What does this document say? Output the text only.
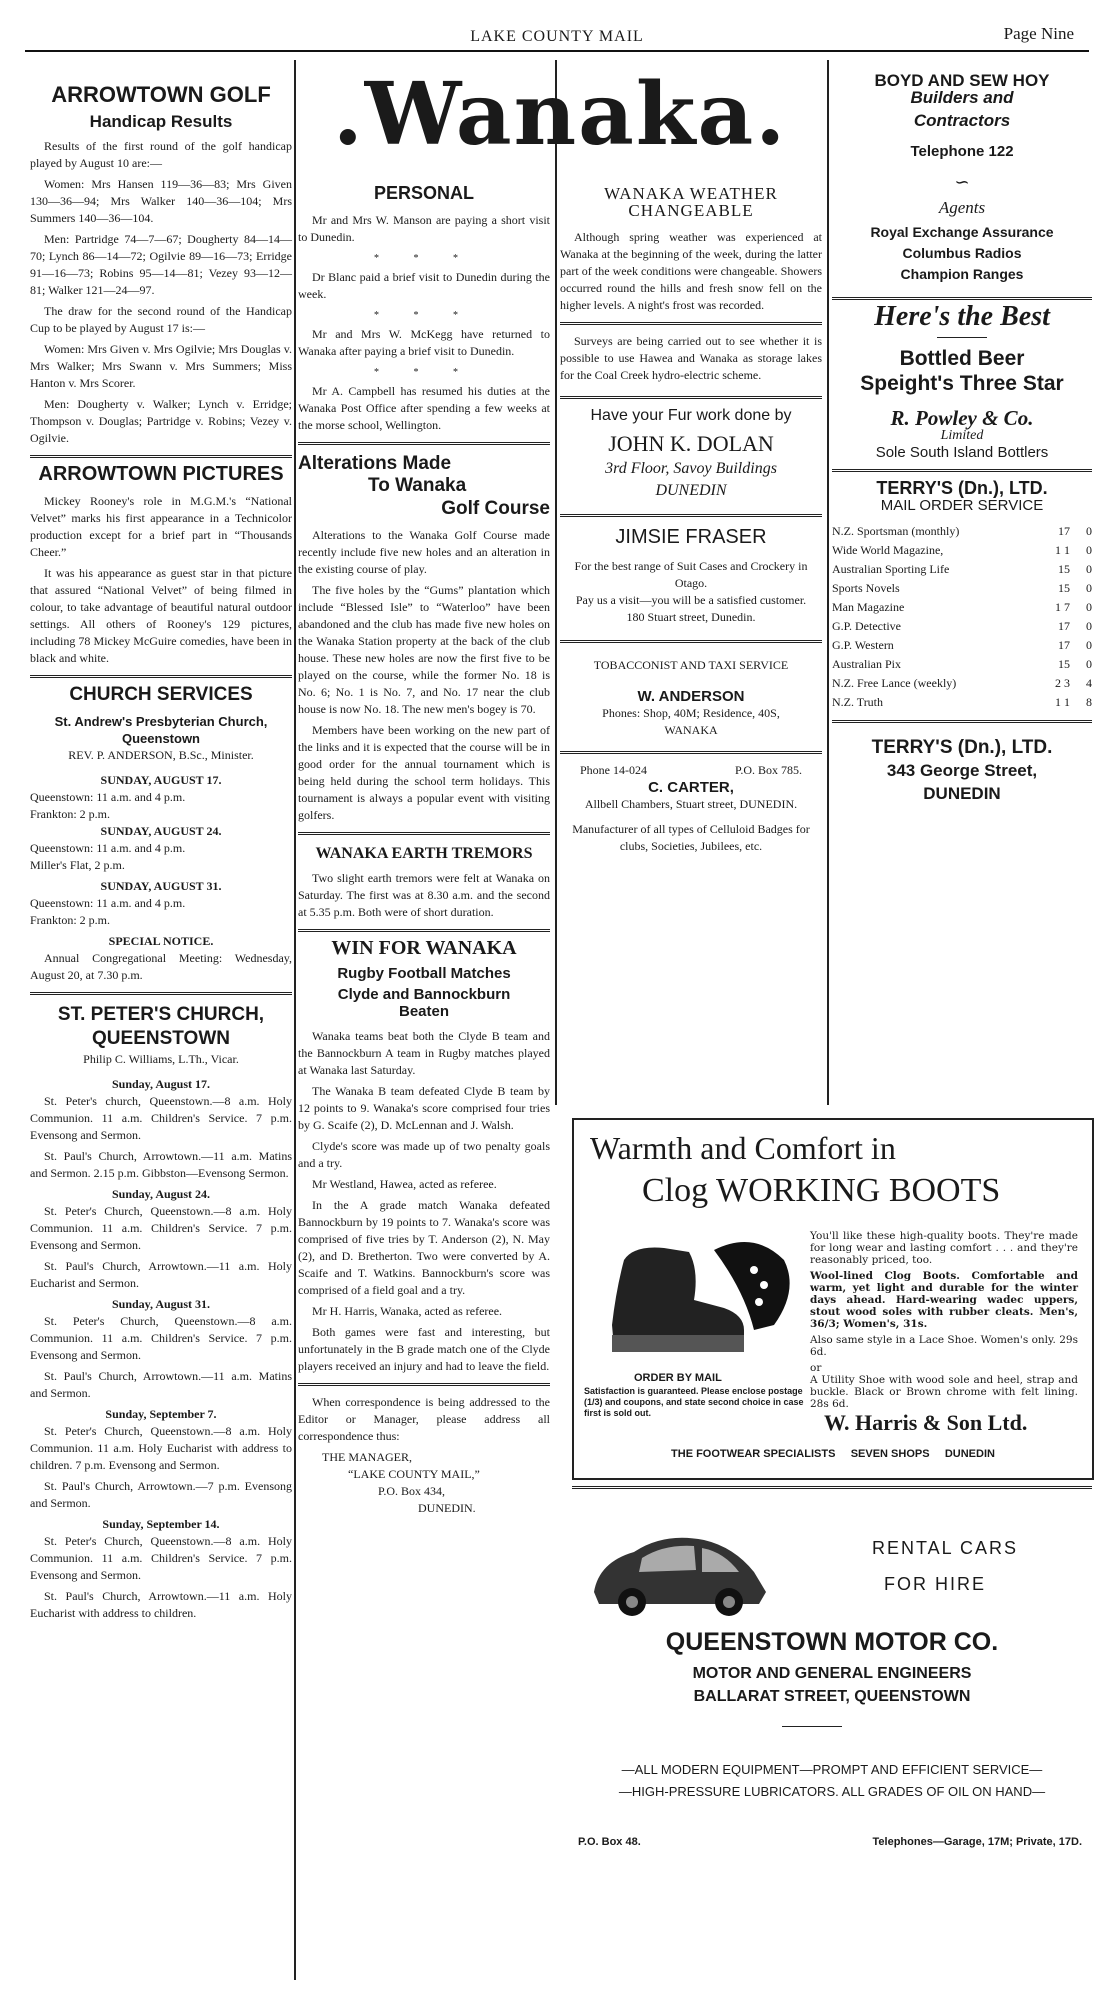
LAKE COUNTY MAIL	Page Nine
ARROWTOWN GOLF
Handicap Results

Results of the first round of the golf handicap played by August 10 are:—

Women: Mrs Hansen 119—36—83; Mrs Given 130—36—94; Mrs Walker 140—36—104; Mrs Summers 140—36—104.

Men: Partridge 74—7—67; Dougherty 84—14—70; Lynch 86—14—72; Ogilvie 89—16—73; Erridge 91—16—73; Robins 95—14—81; Vezey 93—12—81; Walker 121—24—97.

The draw for the second round of the Handicap Cup to be played by August 17 is:—

Women: Mrs Given v. Mrs Ogilvie; Mrs Douglas v. Mrs Walker; Mrs Swann v. Mrs Summers; Miss Hanton v. Mrs Scorer.

Men: Dougherty v. Walker; Lynch v. Erridge; Thompson v. Douglas; Partridge v. Robins; Vezey v. Ogilvie.

ARROWTOWN PICTURES

Mickey Rooney's role in M.G.M.'s “National Velvet” marks his first appearance in a Technicolor production except for a brief part in “Thousands Cheer.”

It was his appearance as guest star in that picture that assured “National Velvet” of being filmed in colour, to take advantage of beautiful natural outdoor settings. All others of Rooney's 129 pictures, including 78 Mickey McGuire comedies, have been in black and white.

CHURCH SERVICES
St. Andrew's Presbyterian Church, Queenstown
REV. P. ANDERSON, B.Sc., Minister.
SUNDAY, AUGUST 17.
Queenstown: 11 a.m. and 4 p.m.
Frankton: 2 p.m.
SUNDAY, AUGUST 24.
Queenstown: 11 a.m. and 4 p.m.
Miller's Flat, 2 p.m.
SUNDAY, AUGUST 31.
Queenstown: 11 a.m. and 4 p.m.
Frankton: 2 p.m.
SPECIAL NOTICE.

Annual Congregational Meeting: Wednesday, August 20, at 7.30 p.m.

ST. PETER'S CHURCH,
QUEENSTOWN
Philip C. Williams, L.Th., Vicar.
Sunday, August 17.

St. Peter's church, Queenstown.—8 a.m. Holy Communion. 11 a.m. Children's Service. 7 p.m. Evensong and Sermon.

St. Paul's Church, Arrowtown.—11 a.m. Matins and Sermon. 2.15 p.m. Gibbston—Evensong Sermon.

Sunday, August 24.

St. Peter's Church, Queenstown.—8 a.m. Holy Communion. 11 a.m. Children's Service. 7 p.m. Evensong and Sermon.

St. Paul's Church, Arrowtown.—11 a.m. Holy Eucharist and Sermon.

Sunday, August 31.

St. Peter's Church, Queenstown.—8 a.m. Communion. 11 a.m. Children's Service. 7 p.m. Evensong and Sermon.

St. Paul's Church, Arrowtown.—11 a.m. Matins and Sermon.

Sunday, September 7.

St. Peter's Church, Queenstown.—8 a.m. Holy Communion. 11 a.m. Holy Eucharist with address to children. 7 p.m. Evensong and Sermon.

St. Paul's Church, Arrowtown.—7 p.m. Evensong and Sermon.

Sunday, September 14.

St. Peter's Church, Queenstown.—8 a.m. Holy Communion. 11 a.m. Children's Service. 7 p.m. Evensong and Sermon.

St. Paul's Church, Arrowtown.—11 a.m. Holy Eucharist with address to children.

.Wanaka.
PERSONAL

Mr and Mrs W. Manson are paying a short visit to Dunedin.

* * *

Dr Blanc paid a brief visit to Dunedin during the week.

* * *

Mr and Mrs W. McKegg have returned to Wanaka after paying a brief visit to Dunedin.

* * *

Mr A. Campbell has resumed his duties at the Wanaka Post Office after spending a few weeks at the morse school, Wellington.

Alterations Made
To Wanaka
Golf Course

Alterations to the Wanaka Golf Course made recently include five new holes and an alteration in the existing course of play.

The five holes by the “Gums” plantation which include “Blessed Isle” to “Waterloo” have been abandoned and the club has made five new holes on the Wanaka Station property at the back of the club house. These new holes are now the first five to be played on the course, while the former No. 18 is No. 6; No. 1 is No. 7, and No. 17 near the club house is now No. 18. The new men's bogey is 70.

Members have been working on the new part of the links and it is expected that the course will be in good order for the annual tournament which is being held during the school term holidays. This tournament is always a popular event with visiting golfers.

WANAKA EARTH TREMORS

Two slight earth tremors were felt at Wanaka on Saturday. The first was at 8.30 a.m. and the second at 5.35 p.m. Both were of short duration.

WIN FOR WANAKA
Rugby Football Matches
Clyde and Bannockburn Beaten

Wanaka teams beat both the Clyde B team and the Bannockburn A team in Rugby matches played at Wanaka last Saturday.

The Wanaka B team defeated Clyde B team by 12 points to 9. Wanaka's score comprised four tries by G. Scaife (2), D. McLennan and J. Walsh.

Clyde's score was made up of two penalty goals and a try.

Mr Westland, Hawea, acted as referee.

In the A grade match Wanaka defeated Bannockburn by 19 points to 7. Wanaka's score was comprised of five tries by T. Anderson (2), N. May (2), and D. Bretherton. Two were converted by A. Scaife and T. Watkins. Bannockburn's score was comprised of a field goal and a try.

Mr H. Harris, Wanaka, acted as referee.

Both games were fast and interesting, but unfortunately in the B grade match one of the Clyde players received an injury and had to leave the field.

When correspondence is being addressed to the Editor or Manager, please address all correspondence thus:

THE MANAGER,
“LAKE COUNTY MAIL,”
P.O. Box 434,
DUNEDIN.
WANAKA WEATHER
CHANGEABLE

Although spring weather was experienced at Wanaka at the beginning of the week, during the latter part of the week conditions were changeable. Showers occurred round the hills and fresh snow fell on the higher levels. A night's frost was recorded.

Surveys are being carried out to see whether it is possible to use Hawea and Wanaka as storage lakes for the Coal Creek hydro-electric scheme.

Have your Fur work done by
JOHN K. DOLAN
3rd Floor, Savoy Buildings
DUNEDIN
JIMSIE FRASER
For the best range of Suit Cases and Crockery in Otago.
Pay us a visit—you will be a satisfied customer.
180 Stuart street, Dunedin.
TOBACCONIST AND TAXI SERVICE
W. ANDERSON
Phones: Shop, 40M; Residence, 40S,
WANAKA
Phone 14-024	P.O. Box 785.
C. CARTER,
Allbell Chambers, Stuart street, DUNEDIN.
Manufacturer of all types of Celluloid Badges for clubs, Societies, Jubilees, etc.
BOYD AND SEW HOY
Builders and
Contractors
Telephone 122
∽
Agents
Royal Exchange Assurance
Columbus Radios
Champion Ranges
Here's the Best
Bottled Beer
Speight's Three Star
R. Powley & Co.
Limited
Sole South Island Bottlers
TERRY'S (Dn.), LTD.
MAIL ORDER SERVICE
N.Z. Sportsman (monthly)	17	0
Wide World Magazine,	1 1	0
Australian Sporting Life	15	0
Sports Novels	15	0
Man Magazine	1 7	0
G.P. Detective	17	0
G.P. Western	17	0
Australian Pix	15	0
N.Z. Free Lance (weekly)	2 3	4
N.Z. Truth	1 1	8
TERRY'S (Dn.), LTD.
343 George Street,
DUNEDIN
Warmth and Comfort in
Clog WORKING BOOTS

You'll like these high-quality boots. They're made for long wear and lasting comfort . . . and they're reasonably priced, too.

Wool-lined Clog Boots. Comfortable and warm, yet light and durable for the winter days ahead. Hard-wearing wadec uppers, stout wood soles with rubber cleats. Men's, 36/3; Women's, 31s.

Also same style in a Lace Shoe. Women's only. 29s 6d.

or

A Utility Shoe with wood sole and heel, strap and buckle. Black or Brown chrome with felt lining. 28s 6d.

ORDER BY MAIL
Satisfaction is guaranteed. Please enclose postage (1/3) and coupons, and state second choice in case first is sold out.	W. Harris & Son Ltd.
THE FOOTWEAR SPECIALISTS     SEVEN SHOPS     DUNEDIN
RENTAL CARS
FOR HIRE
QUEENSTOWN MOTOR CO.
MOTOR AND GENERAL ENGINEERS
BALLARAT STREET, QUEENSTOWN
—ALL MODERN EQUIPMENT—PROMPT AND EFFICIENT SERVICE—
—HIGH-PRESSURE LUBRICATORS. ALL GRADES OF OIL ON HAND—
P.O. Box 48.	Telephones—Garage, 17M; Private, 17D.
